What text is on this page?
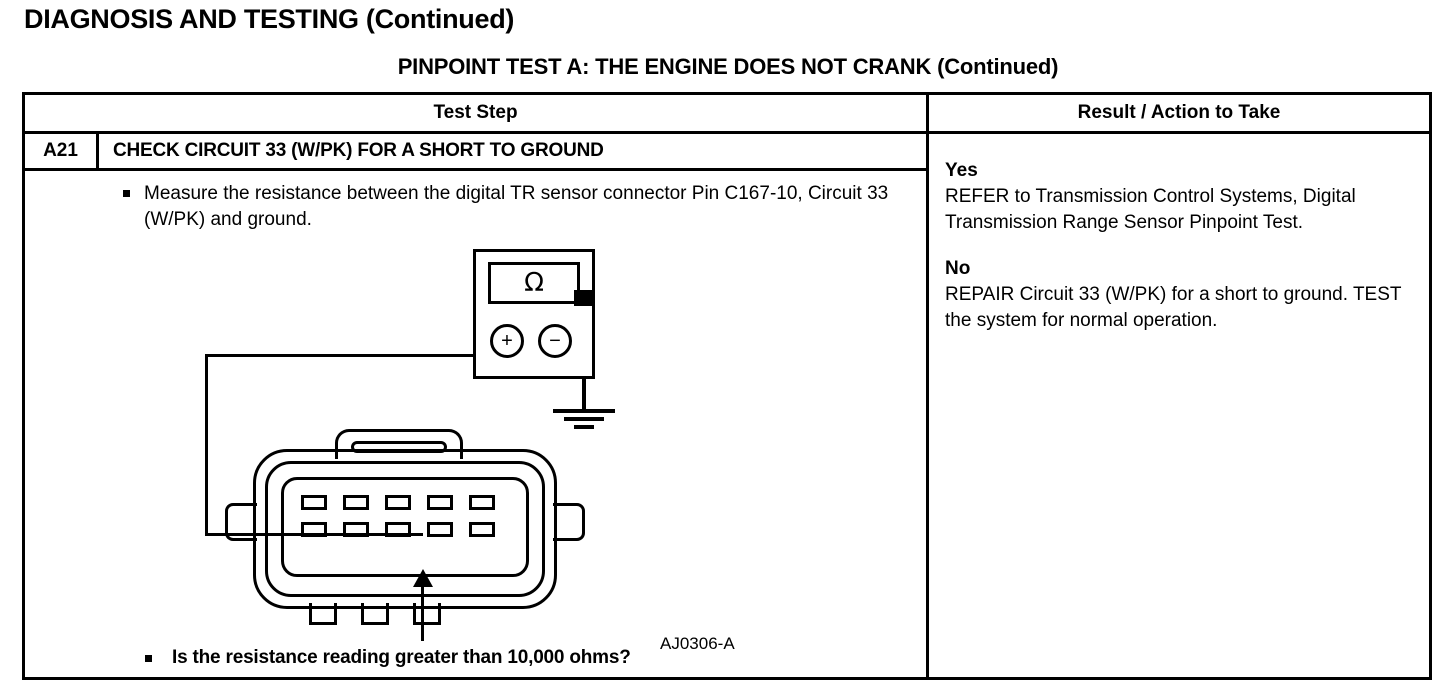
DIAGNOSIS AND TESTING (Continued)
PINPOINT TEST A: THE ENGINE DOES NOT CRANK (Continued)
Test Step	Result / Action to Take
A21	CHECK CIRCUIT 33 (W/PK) FOR A SHORT TO GROUND
Measure the resistance between the digital TR sensor connector Pin C167-10, Circuit 33 (W/PK) and ground.
Ω
+	−
AJ0306-A
Is the resistance reading greater than 10,000 ohms?

Yes

REFER to Transmission Control Systems, Digital Transmission Range Sensor Pinpoint Test.

No

REPAIR Circuit 33 (W/PK) for a short to ground. TEST the system for normal operation.
